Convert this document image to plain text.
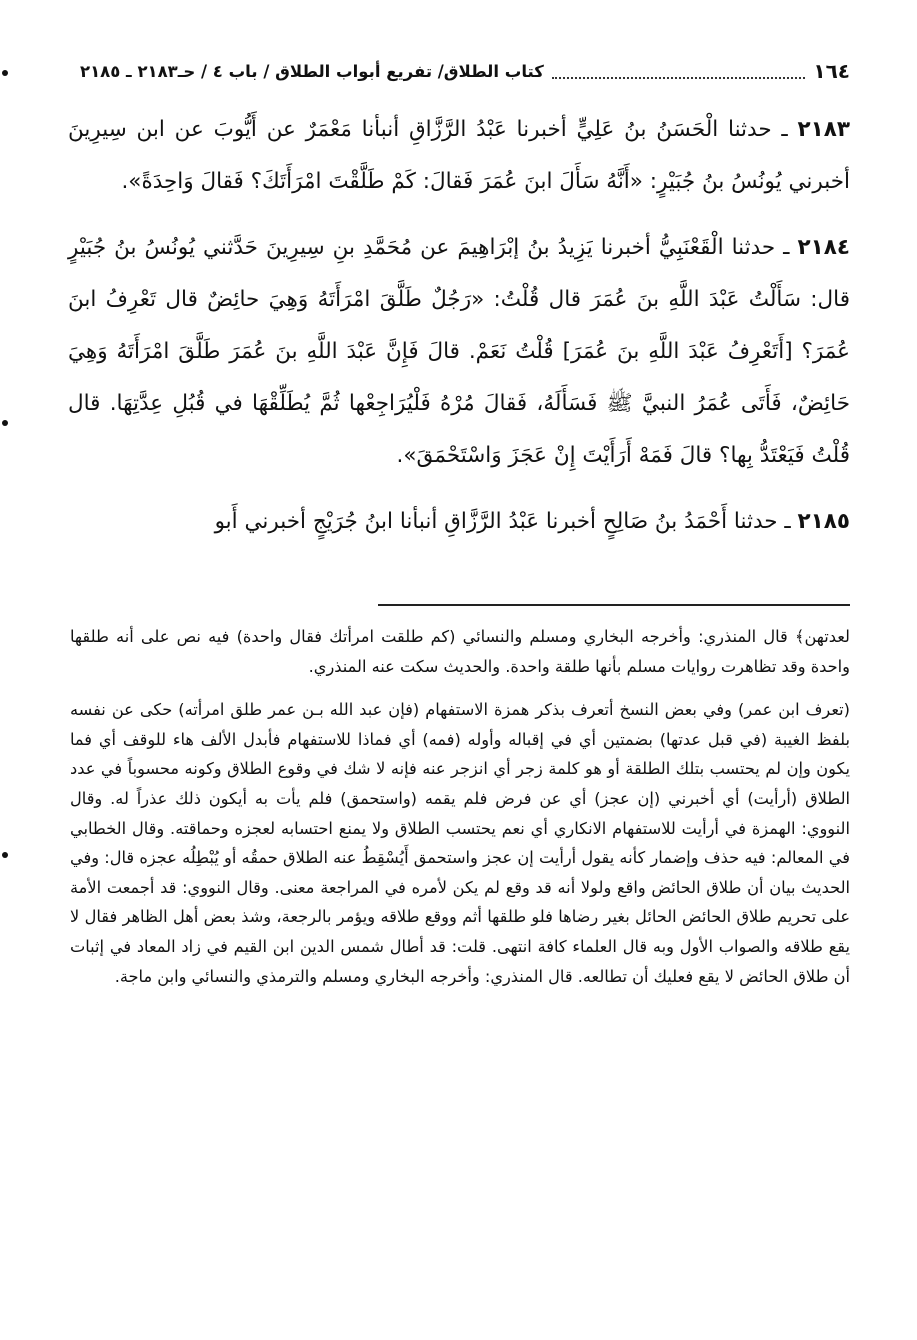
١٦٤
كتاب الطلاق/ تفريع أبواب الطلاق / باب ٤ / حـ٢١٨٣ ـ ٢١٨٥

٢١٨٣ ـ حدثنا الْحَسَنُ بنُ عَلِيٍّ أخبرنا عَبْدُ الرَّزَّاقِ أنبأنا مَعْمَرٌ عن أَيُّوبَ عن ابن سِيرِينَ أخبرني يُونُسُ بنُ جُبَيْرٍ: «أَنَّهُ سَأَلَ ابنَ عُمَرَ فَقالَ: كَمْ طَلَّقْتَ امْرَأَتَكَ؟ فَقالَ وَاحِدَةً».

٢١٨٤ ـ حدثنا الْقَعْنَبِيُّ أخبرنا يَزِيدُ بنُ إبْرَاهِيمَ عن مُحَمَّدِ بنِ سِيرِينَ حَدَّثني يُونُسُ بنُ جُبَيْرٍ قال: سَأَلْتُ عَبْدَ اللَّهِ بنَ عُمَرَ قال قُلْتُ: «رَجُلٌ طَلَّقَ امْرَأَتَهُ وَهِيَ حائِضٌ قال تَعْرِفُ ابنَ عُمَرَ؟ [أَتَعْرِفُ عَبْدَ اللَّهِ بنَ عُمَرَ] قُلْتُ نَعَمْ. قالَ فَإِنَّ عَبْدَ اللَّهِ بنَ عُمَرَ طَلَّقَ امْرَأَتَهُ وَهِيَ حَائِضٌ، فَأَتَى عُمَرُ النبيَّ ﷺ فَسَأَلَهُ، فَقالَ مُرْهُ فَلْيُرَاجِعْها ثُمَّ يُطَلِّقْهَا في قُبُلِ عِدَّتِهَا. قال قُلْتُ فَيَعْتَدُّ بِها؟ قالَ فَمَهْ أَرَأَيْتَ إِنْ عَجَزَ وَاسْتَحْمَقَ».

٢١٨٥ ـ حدثنا أَحْمَدُ بنُ صَالِحٍ أخبرنا عَبْدُ الرَّزَّاقِ أنبأنا ابنُ جُرَيْجٍ أخبرني أَبو

لعدتهن﴾ قال المنذري: وأخرجه البخاري ومسلم والنسائي (كم طلقت امرأتك فقال واحدة) فيه نص على أنه طلقها واحدة وقد تظاهرت روايات مسلم بأنها طلقة واحدة. والحديث سكت عنه المنذري.

(تعرف ابن عمر) وفي بعض النسخ أتعرف بذكر همزة الاستفهام (فإن عبد الله بـن عمر طلق امرأته) حكى عن نفسه بلفظ الغيبة (في قبل عدتها) بضمتين أي في إقباله وأوله (فمه) أي فماذا للاستفهام فأبدل الألف هاء للوقف أي فما يكون وإن لم يحتسب بتلك الطلقة أو هو كلمة زجر أي انزجر عنه فإنه لا شك في وقوع الطلاق وكونه محسوباً في عدد الطلاق (أرأيت) أي أخبرني (إن عجز) أي عن فرض فلم يقمه (واستحمق) فلم يأت به أيكون ذلك عذراً له. وقال النووي: الهمزة في أرأيت للاستفهام الانكاري أي نعم يحتسب الطلاق ولا يمنع احتسابه لعجزه وحماقته. وقال الخطابي في المعالم: فيه حذف وإضمار كأنه يقول أرأيت إن عجز واستحمق أَيُسْقِطُ عنه الطلاق حمقُه أو يُبْطِلُه عجزه قال: وفي الحديث بيان أن طلاق الحائض واقع ولولا أنه قد وقع لم يكن لأمره في المراجعة معنى. وقال النووي: قد أجمعت الأمة على تحريم طلاق الحائض الحائل بغير رضاها فلو طلقها أثم ووقع طلاقه ويؤمر بالرجعة، وشذ بعض أهل الظاهر فقال لا يقع طلاقه والصواب الأول وبه قال العلماء كافة انتهى. قلت: قد أطال شمس الدين ابن القيم في زاد المعاد في إثبات أن طلاق الحائض لا يقع فعليك أن تطالعه. قال المنذري: وأخرجه البخاري ومسلم والترمذي والنسائي وابن ماجة.
